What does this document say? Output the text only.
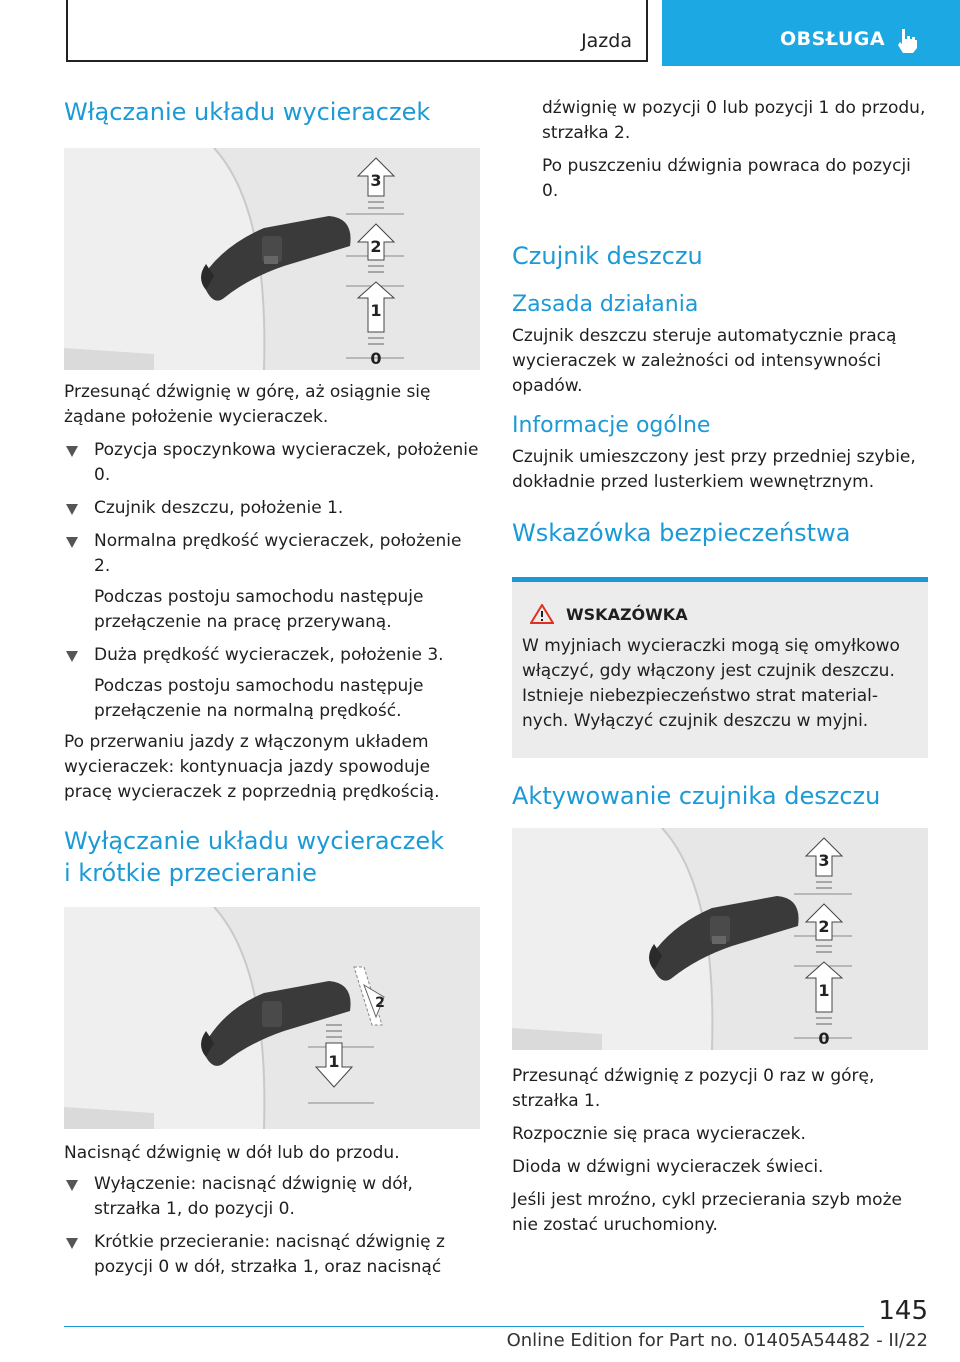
Jazda	OBSŁUGA
Włączanie układu wycieraczek
3
2
1
0

Przesunąć dźwignię w górę, aż osiągnie się żądane położenie wycieraczek.

Pozycja spoczynkowa wycieraczek, położenie 0.
Czujnik deszczu, położenie 1.
Normalna prędkość wycieraczek, położenie 2.
Podczas postoju samochodu następuje przełączenie na pracę przerywaną.
Duża prędkość wycieraczek, położenie 3.
Podczas postoju samochodu następuje przełączenie na normalną prędkość.

Po przerwaniu jazdy z włączonym układem wycieraczek: kontynuacja jazdy spowoduje pracę wycieraczek z poprzednią prędkością.

Wyłączanie układu wycieraczek
i krótkie przecieranie
2
1

Nacisnąć dźwignię w dół lub do przodu.

Wyłączenie: nacisnąć dźwignię w dół, strzałka 1, do pozycji 0.
Krótkie przecieranie: nacisnąć dźwignię z pozycji 0 w dół, strzałka 1, oraz nacisnąć

dźwignię w pozycji 0 lub pozycji 1 do przodu, strzałka 2.

Po puszczeniu dźwignia powraca do pozycji 0.

Czujnik deszczu
Zasada działania

Czujnik deszczu steruje automatycznie pracą wycieraczek w zależności od intensywności opadów.

Informacje ogólne

Czujnik umieszczony jest przy przedniej szybie, dokładnie przed lusterkiem wewnętrznym.

Wskazówka bezpieczeństwa
WSKAZÓWKA

W myjniach wycieraczki mogą się omyłkowo włączyć, gdy włączony jest czujnik deszczu. Istnieje niebezpieczeństwo strat materialnych. Wyłączyć czujnik deszczu w myjni.

Aktywowanie czujnika deszczu
3
2
1
0

Przesunąć dźwignię z pozycji 0 raz w górę, strzałka 1.

Rozpocznie się praca wycieraczek.

Dioda w dźwigni wycieraczek świeci.

Jeśli jest mroźno, cykl przecierania szyb może nie zostać uruchomiony.

145
Online Edition for Part no. 01405A54482 - II/22
